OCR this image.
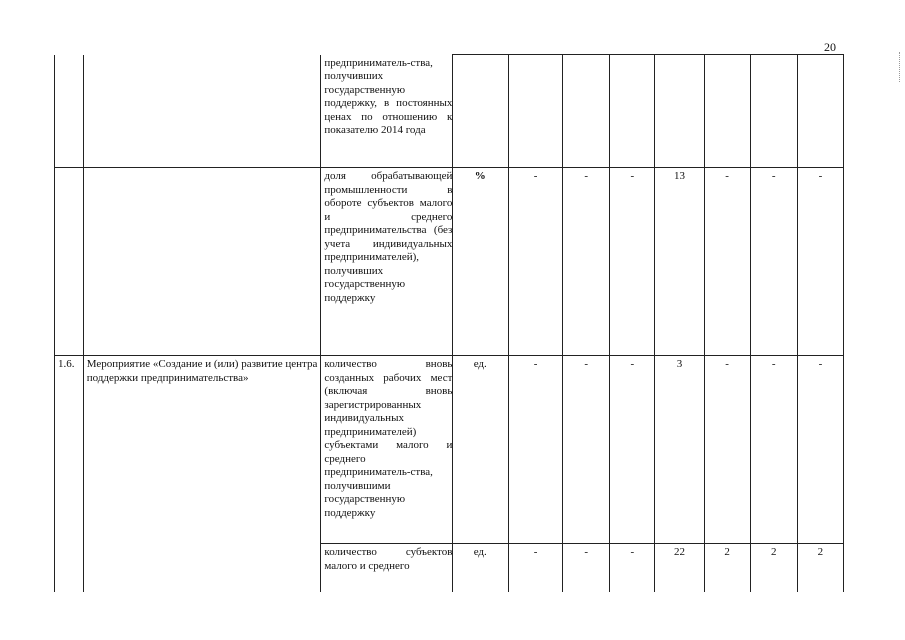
20

		предприниматель-ства, получивших государственную поддержку, в постоянных ценах по отношению к показателю 2014 года								

		доля обрабатывающей промышленности в обороте субъектов малого и среднего предпринимательства (без учета индивидуальных предпринимателей), получивших государственную поддержку	%	-	-	-	13	-	-	-
1.6.	Мероприятие «Создание и (или) развитие центра поддержки предпринимательства»	количество вновь созданных рабочих мест (включая вновь зарегистрированных индивидуальных предпринимателей) субъектами малого и среднего предприниматель-ства, получившими государственную поддержку	ед.	-	-	-	3	-	-	-

		количество субъектов малого и среднего	ед.	-	-	-	22	2	2	2
